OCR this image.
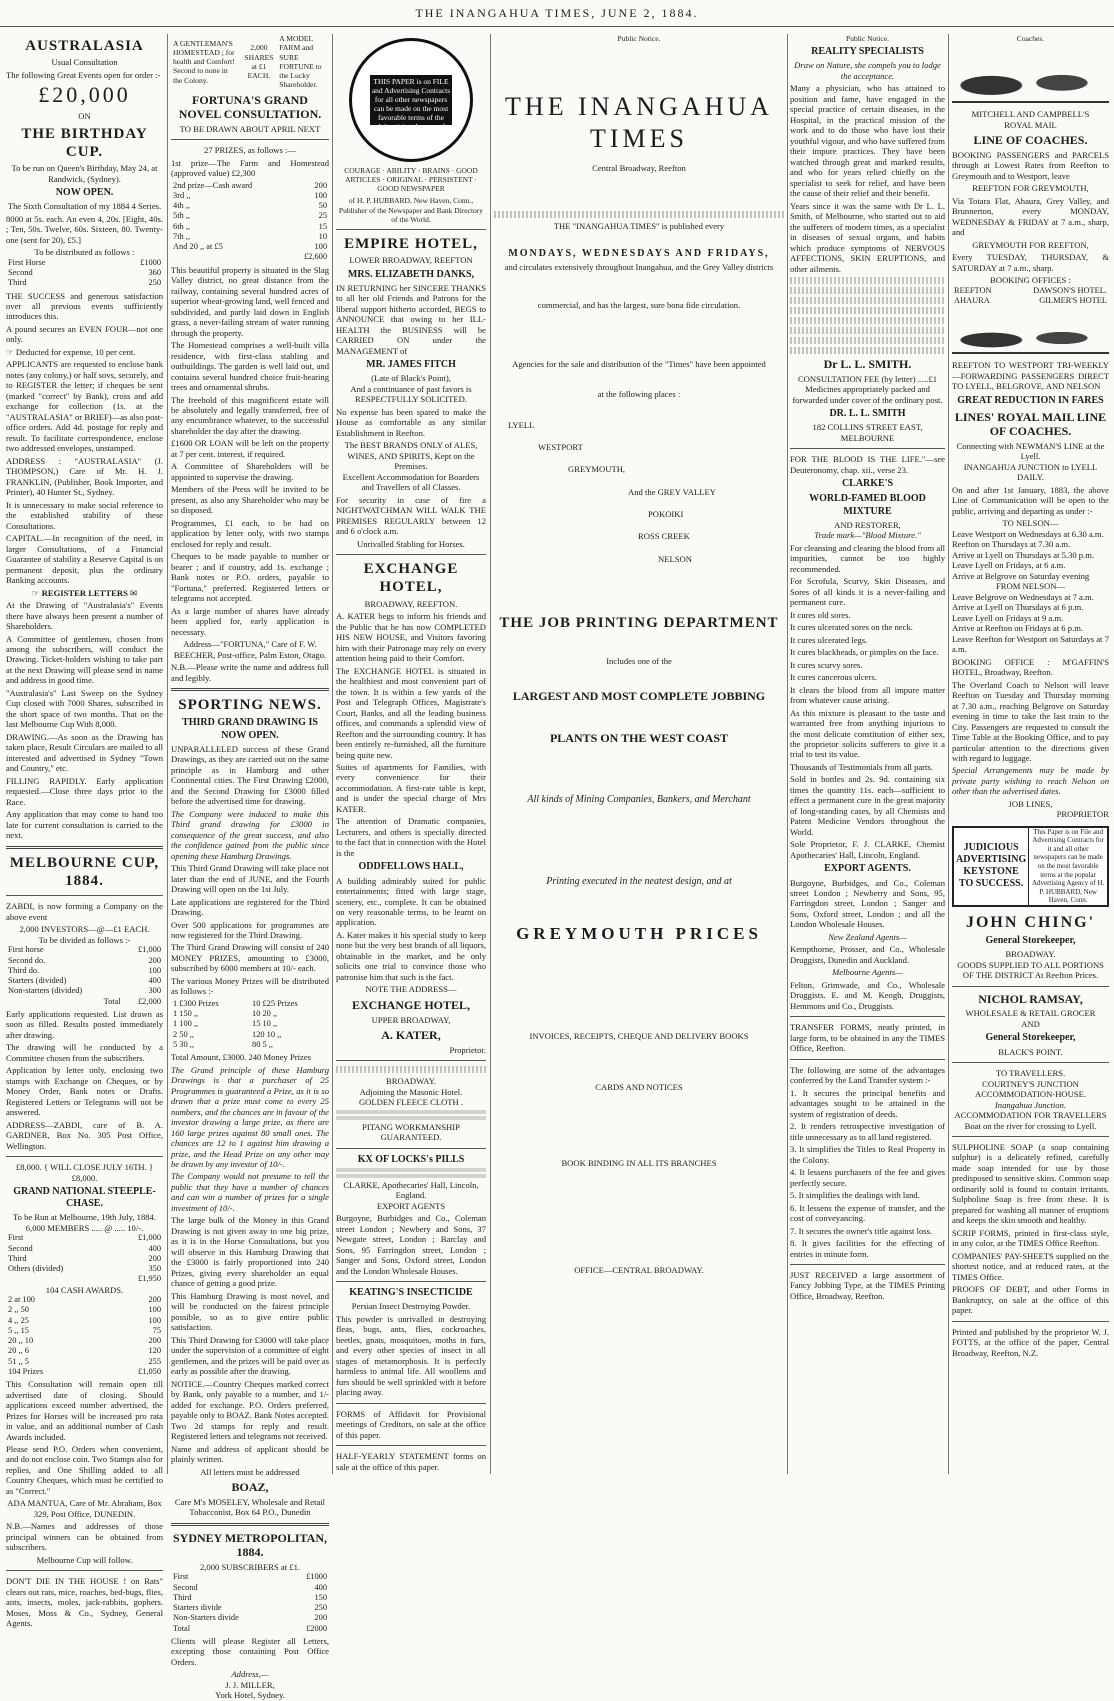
THE INANGAHUA TIMES, JUNE 2, 1884.
AUSTRALASIA
Usual Consultation
The following Great Events open for order :-
£20,000
ON
THE BIRTHDAY CUP.
To be run on Queen's Birthday, May 24, at Randwick, (Sydney).
NOW OPEN.
The Sixth Consultation of my 1884 4 Series.
8000 at 5s. each. An even 4, 20s. [Eight, 40s. ; Ten, 50s. Twelve, 60s. Sixteen, 80. Twenty-one (sent for 20), £5.]
To be distributed as follows :
First Horse	£1000
Second	360
Third	250
THE SUCCESS and generous satisfaction over all previous events sufficiently introduces this.
A pound secures an EVEN FOUR—not one only.
☞ Deducted for expense, 10 per cent.
APPLICANTS are requested to enclose bank notes (any colony,) or half sovs, securely, and to REGISTER the letter; if cheques be sent (marked "correct" by Bank), cross and add exchange for collection (1s. at the "AUSTRALASIA" or BRIEF)—as also post-office orders. Add 4d. postage for reply and result. To facilitate correspondence, enclose two addressed envelopes, unstamped.
ADDRESS : "AUSTRALASIA" (J. THOMPSON,) Care of Mr. H. J. FRANKLIN, (Publisher, Book Importer, and Printer), 40 Hunter St., Sydney.
It is unnecessary to make social reference to the established stability of these Consultations.
CAPITAL.—In recognition of the need, in larger Consultations, of a Financial Guarantee of stability a Reserve Capital is on permanent deposit, plus the ordinary Banking accounts.
☞ REGISTER LETTERS ✉
At the Drawing of "Australasia's" Events there have always been present a number of Shareholders.
A Committee of gentlemen, chosen from among the subscribers, will conduct the Drawing. Ticket-holders wishing to take part at the next Drawing will please send in name and address in good time.
"Australasia's" Last Sweep on the Sydney Cup closed with 7000 Shares, subscribed in the short space of two months. That on the last Melbourne Cup With 8,000.
DRAWING.—As soon as the Drawing has taken place, Result Circulars are mailed to all interested and advertised in Sydney "Town and Country," etc.
FILLING RAPIDLY. Early application requested.—Close three days prior to the Race.
Any application that may come to hand too late for current consultation is carried to the next.
MELBOURNE CUP, 1884.
ZABDI, is now forming a Company on the above event
2,000 INVESTORS—@—£1 EACH.
To be divided as follows :-
First horse	£1,000
Second do.	200
Third do.	100
Starters (divided)	400
Non-starters (divided)	300
Total	£2,000
Early applications requested. List drawn as soon as filled. Results posted immediately after drawing.
The drawing will be conducted by a Committee chosen from the subscribers.
Application by letter only, enclosing two stamps with Exchange on Cheques, or by Money Order, Bank notes or Drafts. Registered Letters or Telegrams will not be answered.
ADDRESS—ZABDI, care of B. A. GARDNER, Box No. 305 Post Office, Wellington.
£8,000. { WILL CLOSE JULY 16TH. } £8,000.
GRAND NATIONAL STEEPLE-CHASE.
To be Run at Melbourne, 19th July, 1884.
6,000 MEMBERS ..... @ ..... 10/-.
First	£1,000
Second	400
Third	200
Others (divided)	350
	£1,950
104 CASH AWARDS.
2 at 100	200
2 ,, 50	100
4 ,, 25	100
5 ,, 15	75
20 ,, 10	200
20 ,, 6	120
51 ,, 5	255
104 Prizes	£1,050
This Consultation will remain open till advertised date of closing. Should applications exceed number advertised, the Prizes for Horses will be increased pro rata in value, and an additional number of Cash Awards included.
Please send P.O. Orders when convenient, and do not enclose coin. Two Stamps also for replies, and One Shilling added to all Country Cheques, which must be certified to as "Correct."
ADA MANTUA, Care of Mr. Abraham, Box 329, Post Office, DUNEDIN.
N.B.—Names and addresses of those principal winners can be obtained from subscribers.
Melbourne Cup will follow.
DON'T DIE IN THE HOUSE ! on Rats" clears out rats, mice, roaches, bed-bugs, flies, ants, insects, moles, jack-rabbits, gophers. Moses, Moss & Co., Sydney, General Agents.
A GENTLEMAN'S HOMESTEAD ; for health and Comfort! Second to none in the Colony.	2,000 SHARES at £1 EACH.	A MODEL FARM and SURE FORTUNE to the Lucky Shareholder.
FORTUNA'S GRAND NOVEL CONSULTATION.
TO BE DRAWN ABOUT APRIL NEXT
27 PRIZES, as follows :—
1st prize—The Farm and Homestead (approved value) £2,300
2nd prize—Cash award	200
3rd ,,	100
4th ,,	50
5th ,,	25
6th ,,	15
7th ,,	10
And 20 ,, at £5	100
	£2,600
This beautiful property is situated in the Slag Valley district, no great distance from the railway, containing several hundred acres of superior wheat-growing land, well fenced and subdivided, and partly laid down in English grass, a never-failing stream of water running through the property.
The Homestead comprises a well-built villa residence, with first-class stabling and outbuildings. The garden is well laid out, and contains several hundred choice fruit-bearing trees and ornamental shrubs.
The freehold of this magnificent estate will be absolutely and legally transferred, free of any encumbrance whatever, to the successful shareholder the day after the drawing.
£1600 OR LOAN will be left on the property at 7 per cent. interest, if required.
A Committee of Shareholders will be appointed to supervise the drawing.
Members of the Press will be invited to be present, as also any Shareholder who may be so disposed.
Programmes, £1 each, to be had on application by letter only, with two stamps enclosed for reply and result.
Cheques to be made payable to number or bearer ; and if country, add 1s. exchange ; Bank notes or P.O. orders, payable to "Fortuna," preferred. Registered letters or telegrams not accepted.
As a large number of shares have already been applied for, early application is necessary.
Address—"FORTUNA," Care of F. W. BEECHER, Post-office, Palm Eston, Otago.
N.B.—Please write the name and address full and legibly.
SPORTING NEWS.
THIRD GRAND DRAWING IS NOW OPEN.
UNPARALLELED success of these Grand Drawings, as they are carried out on the same principle as in Hamburg and other Continental cities. The First Drawing £2000, and the Second Drawing for £3000 filled before the advertised time for drawing.
The Company were induced to make this Third grand drawing for £3000 in consequence of the great success, and also the confidence gained from the public since opening these Hamburg Drawings.
This Third Grand Drawing will take place not later than the end of JUNE, and the Fourth Drawing will open on the 1st July.
Late applications are registered for the Third Drawing.
Over 500 applications for programmes are now registered for the Third Drawing.
The Third Grand Drawing will consist of 240 MONEY PRIZES, amounting to £3000, subscribed by 6000 members at 10/- each.
The various Money Prizes will be distributed as follows :-
1 £300 Prizes	10 £25 Prizes
1 150 ,,	10 20 ,,
1 100 ,,	15 10 ,,
2 50 ,,	120 10 ,,
5 30 ,,	80 5 ,,
Total Amount, £3000. 240 Money Prizes
The Grand principle of these Hamburg Drawings is that a purchaser of 25 Programmes is guaranteed a Prize, as it is so drawn that a prize must come to every 25 numbers, and the chances are in favour of the investor drawing a large prize, as there are 160 large prizes against 80 small ones. The chances are 12 to 1 against him drawing a prize, and the Head Prize on any other may be drawn by any investor of 10/-.
The Company would not presume to tell the public that they have a number of chances and can win a number of prizes for a single investment of 10/-.
The large bulk of the Money in this Grand Drawing is not given away to one big prize, as it is in the Horse Consultations, but you will observe in this Hamburg Drawing that the £3000 is fairly proportioned into 240 Prizes, giving every shareholder an equal chance of getting a good prize.
This Hamburg Drawing is most novel, and will be conducted on the fairest principle possible, so as to give entire public satisfaction.
This Third Drawing for £3000 will take place under the supervision of a committee of eight gentlemen, and the prizes will be paid over as early as possible after the drawing.
NOTICE.—Country Cheques marked correct by Bank, only payable to a number, and 1/- added for exchange. P.O. Orders preferred, payable only to BOAZ. Bank Notes accepted. Two 2d stamps for reply and result. Registered letters and telegrams not received.
Name and address of applicant should be plainly written.
All letters must be addressed
BOAZ,
Care M's MOSELEY, Wholesale and Retail Tobacconist, Box 64 P.O., Dunedin
SYDNEY METROPOLITAN, 1884.
2,000 SUBSCRIBERS at £1.
First	£1000
Second	400
Third	150
Starters divide	250
Non-Starters divide	200
Total	£2000
Clients will please Register all Letters, excepting those containing Post Office Orders.
Address,—
J. J. MILLER,
York Hotel, Sydney.
THIS PAPER is on FILE and Advertising Contracts for all other newspapers can be made on the most favorable terms of the Advertising Agency of
COURAGE · ABILITY · BRAINS · GOOD ARTICLES · ORIGINAL · PERSISTENT · GOOD NEWSPAPER
of H. P. HUBBARD, New Haven, Conn., Publisher of the Newspaper and Bank Directory of the World.
EMPIRE HOTEL,
LOWER BROADWAY, REEFTON
MRS. ELIZABETH DANKS,
IN RETURNING her SINCERE THANKS to all her old Friends and Patrons for the liberal support hitherto accorded, BEGS to ANNOUNCE that owing to her ILL-HEALTH the BUSINESS will be CARRIED ON under the MANAGEMENT of
MR. JAMES FITCH
(Late of Black's Point),
And a continuance of past favors is RESPECTFULLY SOLICITED.
No expense has been spared to make the House as comfortable as any similar Establishment in Reefton.
The BEST BRANDS ONLY of ALES, WINES, AND SPIRITS, Kept on the Premises.
Excellent Accommodation for Boarders and Travellers of all Classes.
For security in case of fire a NIGHTWATCHMAN WILL WALK THE PREMISES REGULARLY between 12 and 6 o'clock a.m.
Unrivalled Stabling for Horses.
EXCHANGE HOTEL,
BROADWAY, REEFTON.
A. KATER begs to inform his friends and the Public that he has now COMPLETED HIS NEW HOUSE, and Visitors favoring him with their Patronage may rely on every attention being paid to their Comfort.
The EXCHANGE HOTEL is situated in the healthiest and most convenient part of the town. It is within a few yards of the Post and Telegraph Offices, Magistrate's Court, Banks, and all the leading business offices, and commands a splendid view of Reefton and the surrounding country. It has been entirely re-furnished, all the furniture being quite new.
Suites of apartments for Families, with every convenience for their accommodation. A first-rate table is kept, and is under the special charge of Mrs KATER.
The attention of Dramatic companies, Lecturers, and others is specially directed to the fact that in connection with the Hotel is the
ODDFELLOWS HALL,
A building admirably suited for public entertainments; fitted with large stage, scenery, etc., complete. It can be obtained on very reasonable terms, to be learnt on application.
A. Kater makes it his special study to keep none but the very best brands of all liquors, obtainable in the market, and he only solicits one trial to convince those who patronise him that such is the fact.
NOTE THE ADDRESS—
EXCHANGE HOTEL,
UPPER BROADWAY,
A. KATER,
Proprietor.
BROADWAY.
Adjoining the Masonic Hotel.
GOLDEN FLEECE CLOTH .
PITANG WORKMANSHIP GUARANTEED.
KX OF LOCKS's PILLS
CLARKE, Apothecaries' Hall, Lincoln, England.
EXPORT AGENTS
Burgoyne, Burbidges and Co., Coleman street London ; Newbery and Sons, 37 Newgate street, London ; Barclay and Sons, 95 Farringdon street, London ; Sanger and Sons, Oxford street, London and the London Wholesale Houses.
KEATING'S INSECTICIDE
Persian Insect Destroying Powder.
This powder is unrivalled in destroying fleas, bugs, ants, flies, cockroaches, beetles, gnats, mosquitoes, moths in furs, and every other species of insect in all stages of metamorphosis. It is perfectly harmless to animal life. All woollens and furs should be well sprinkled with it before placing away.
FORMS of Affidavit for Provisional meetings of Creditors, on sale at the office of this paper.
HALF-YEARLY STATEMENT forms on sale at the office of this paper.
Public Notice.
THE INANGAHUA TIMES
Central Broadway, Reefton
THE "INANGAHUA TIMES" is published every
MONDAYS, WEDNESDAYS AND FRIDAYS,
and circulates extensively throughout Inangahua, and the Grey Valley districts
commercial, and has the largest, sure bona fide circulation.
Agencies for the sale and distribution of the "Times" have been appointed
at the following places :
LYELL
WESTPORT
GREYMOUTH,
And the GREY VALLEY
POKOIKI
ROSS CREEK
NELSON
THE JOB PRINTING DEPARTMENT
Includes one of the
LARGEST AND MOST COMPLETE JOBBING
PLANTS ON THE WEST COAST
All kinds of Mining Companies, Bankers, and Merchant
Printing executed in the neatest design, and at
GREYMOUTH PRICES
INVOICES, RECEIPTS, CHEQUE AND DELIVERY BOOKS
CARDS AND NOTICES
BOOK BINDING IN ALL ITS BRANCHES
OFFICE—CENTRAL BROADWAY.
Public Notice.
REALITY SPECIALISTS
Draw on Nature, she compels you to lodge the acceptance.
Many a physician, who has attained to position and fame, have engaged in the special practice of certain diseases, in the Hospital, in the practical mission of the work and to do those who have lost their youthful vigour, and who have suffered from their impure practices. They have been watched through great and marked results, and who for years relied chiefly on the specialist to seek for relief, and have been the cause of their relief and their benefit.
Years since it was the same with Dr L. L. Smith, of Melbourne, who started out to aid the sufferers of modern times, as a specialist in diseases of sexual organs, and habits which produce symptoms of NERVOUS AFFECTIONS, SKIN ERUPTIONS, and other ailments.
Dr L. L. SMITH.
CONSULTATION FEE (by letter) .....£1
Medicines appropriately packed and forwarded under cover of the ordinary post.
DR. L. L. SMITH
182 COLLINS STREET EAST, MELBOURNE
FOR THE BLOOD IS THE LIFE."—see Deuteronomy, chap. xii., verse 23.
CLARKE'S
WORLD-FAMED BLOOD MIXTURE
AND RESTORER,
Trade mark—"Blood Mixture."
For cleansing and clearing the blood from all impurities, cannot be too highly recommended.
For Scrofula, Scurvy, Skin Diseases, and Sores of all kinds it is a never-failing and permanent cure.
It cures old sores.
It cures ulcerated sores on the neck.
It cures ulcerated legs.
It cures blackheads, or pimples on the face.
It cures scurvy sores.
It cures cancerous ulcers.
It clears the blood from all impure matter from whatever cause arising.
As this mixture is pleasant to the taste and warranted free from anything injurious to the most delicate constitution of either sex, the proprietor solicits sufferers to give it a trial to test its value.
Thousands of Testimonials from all parts.
Sold in bottles and 2s. 9d. containing six times the quantity 11s. each—sufficient to effect a permanent cure in the great majority of long-standing cases, by all Chemists and Patent Medicine Vendors throughout the World.
Sole Proprietor, F. J. CLARKE, Chemist Apothecaries' Hall, Lincoln, England.
EXPORT AGENTS.
Burgoyne, Burbidges, and Co., Coleman street London ; Newberry and Sons, 95, Farringdon street, London ; Sanger and Sons, Oxford street, London ; and all the London Wholesale Houses.
New Zealand Agents—
Kempthorne, Prosser, and Co., Wholesale Druggists, Dunedin and Auckland.
Melbourne Agents—
Felton, Grimwade, and Co., Wholesale Druggists. E. and M. Keogh, Druggists, Hemmons and Co., Druggists.
TRANSFER FORMS, neatly printed, in large form, to be obtained in any the TIMES Office, Reefton.
The following are some of the advantages conferred by the Land Transfer system :-
1. It secures the principal benefits and advantages sought to be attained in the system of registration of deeds.
2. It renders retrospective investigation of title unnecessary as to all land registered.
3. It simplifies the Titles to Real Property in the Colony.
4. It lessens purchasers of the fee and gives perfectly secure.
5. It simplifies the dealings with land.
6. It lessens the expense of transfer, and the cost of conveyancing.
7. It secures the owner's title against loss.
8. It gives facilities for the effecting of entries in minute form.
JUST RECEIVED a large assortment of Fancy Jobbing Type, at the TIMES Printing Office, Broadway, Reefton.
Coaches.
MITCHELL AND CAMPBELL'S
ROYAL MAIL
LINE OF COACHES.
BOOKING PASSENGERS and PARCELS through at Lowest Rates from Reefton to Greymouth and to Westport, leave
REEFTON FOR GREYMOUTH,
Via Totara Flat, Ahaura, Grey Valley, and Brunnerton, every MONDAY, WEDNESDAY & FRIDAY at 7 a.m., sharp, and
GREYMOUTH FOR REEFTON,
Every TUESDAY, THURSDAY, & SATURDAY at 7 a.m., sharp.
BOOKING OFFICES :
REEFTON	DAWSON'S HOTEL.
AHAURA	GILMER'S HOTEL
REEFTON TO WESTPORT TRI-WEEKLY—FORWARDING PASSENGERS DIRECT TO LYELL, BELGROVE, AND NELSON
GREAT REDUCTION IN FARES
LINES' ROYAL MAIL LINE OF COACHES.
Connecting with NEWMAN'S LINE at the Lyell.
INANGAHUA JUNCTION to LYELL DAILY.
On and after 1st January, 1883, the above Line of Communication will be open to the public, arriving and departing as under :-
TO NELSON—
Leave Westport on Wednesdays at 6.30 a.m.
Reefton on Thursdays at 7.30 a.m.
Arrive at Lyell on Thursdays at 5.30 p.m.
Leave Lyell on Fridays, at 6 a.m.
Arrive at Belgrove on Saturday evening
FROM NELSON—
Leave Belgrove on Wednesdays at 7 a.m.
Arrive at Lyell on Thursdays at 6 p.m.
Leave Lyell on Fridays at 9 a.m.
Arrive at Reefton on Fridays at 6 p.m.
Leave Reefton for Westport on Saturdays at 7 a.m.
BOOKING OFFICE : M'GAFFIN'S HOTEL, Broadway, Reefton.
The Overland Coach to Nelson will leave Reefton on Tuesday and Thursday morning at 7.30 a.m., reaching Belgrove on Saturday evening in time to take the last train to the City. Passengers are requested to consult the Time Table at the Booking Office, and to pay particular attention to the directions given with regard to luggage.
Special Arrangements may be made by private party wishing to reach Nelson on other than the advertised dates.
JOB LINES,
PROPRIETOR
JUDICIOUS ADVERTISING KEYSTONE TO SUCCESS.	This Paper is on File and Advertising Contracts for it and all other newspapers can be made on the most favorable terms at the popular Advertising Agency of H. P. HUBBARD, New Haven, Conn.
JOHN CHING'
General Storekeeper,
BROADWAY.
GOODS SUPPLIED TO ALL PORTIONS OF THE DISTRICT At Reefton Prices.
NICHOL RAMSAY,
WHOLESALE & RETAIL GROCER
AND
General Storekeeper,
BLACK'S POINT.
TO TRAVELLERS.
COURTNEY'S JUNCTION ACCOMMODATION-HOUSE.
Inangahua Junction.
ACCOMMODATION FOR TRAVELLERS
Boat on the river for crossing to Lyell.
SULPHOLINE SOAP (a soap containing sulphur) is a delicately refined, carefully made soap intended for use by those predisposed to sensitive skins. Common soap ordinarily sold is found to contain irritants. Sulpholine Soap is free from these. It is prepared for washing all manner of eruptions and keeps the skin smooth and healthy.
SCRIP FORMS, printed in first-class style, in any color, at the TIMES Office Reefton.
COMPANIES' PAY-SHEETS supplied on the shortest notice, and at reduced rates, at the TIMES Office.
PROOFS OF DEBT, and other Forms in Bankruptcy, on sale at the office of this paper.
Printed and published by the proprietor W. J. FOTTS, at the office of the paper, Central Broadway, Reefton, N.Z.
